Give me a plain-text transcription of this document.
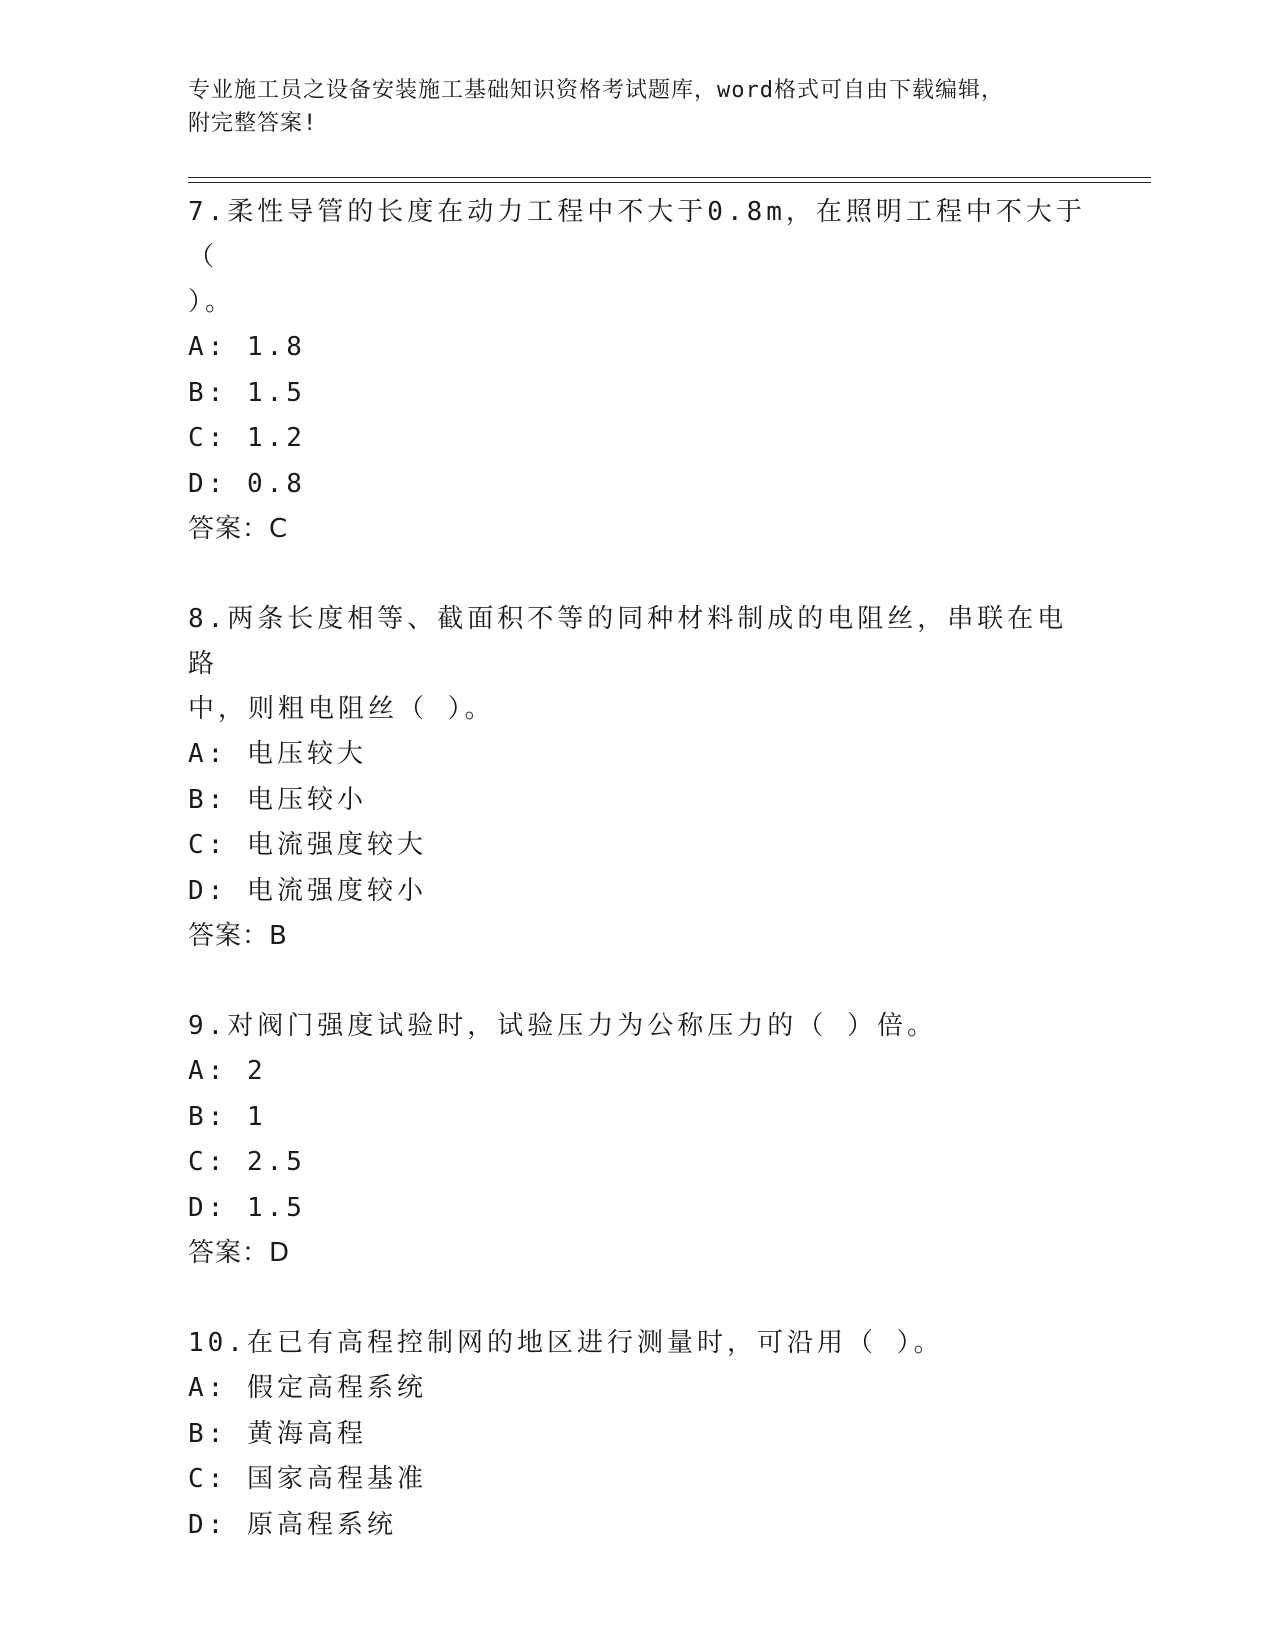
专业施工员之设备安装施工基础知识资格考试题库，word格式可自由下载编辑，
附完整答案!

7.柔性导管的长度在动力工程中不大于0.8m，在照明工程中不大于（

）。

A: 1.8

B: 1.5

C: 1.2

D: 0.8

答案：C

8.两条长度相等、截面积不等的同种材料制成的电阻丝，串联在电路

中，则粗电阻丝（ ）。

A: 电压较大

B: 电压较小

C: 电流强度较大

D: 电流强度较小

答案：B

9.对阀门强度试验时，试验压力为公称压力的（ ）倍。

A: 2

B: 1

C: 2.5

D: 1.5

答案：D

10.在已有高程控制网的地区进行测量时，可沿用（ ）。

A: 假定高程系统

B: 黄海高程

C: 国家高程基准

D: 原高程系统
